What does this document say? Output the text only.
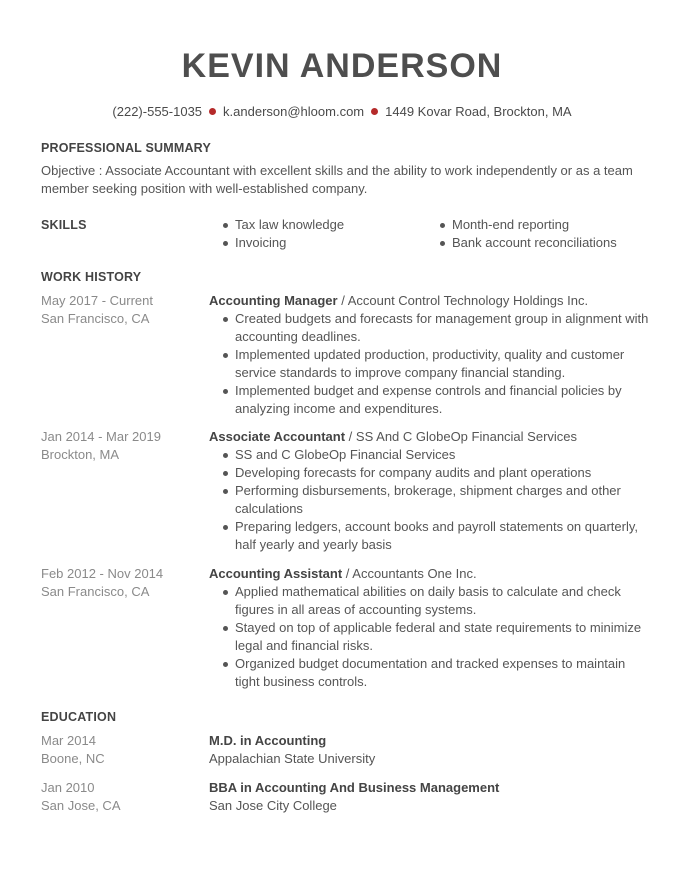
KEVIN ANDERSON
(222)-555-1035 k.anderson@hloom.com 1449 Kovar Road, Brockton, MA
PROFESSIONAL SUMMARY
Objective : Associate Accountant with excellent skills and the ability to work independently or as a team member seeking position with well-established company.
SKILLS	Tax law knowledge
Invoicing
Month-end reporting
Bank account reconciliations
WORK HISTORY
May 2017 - Current
San Francisco, CA
Accounting Manager / Account Control Technology Holdings Inc.
Created budgets and forecasts for management group in alignment with accounting deadlines.
Implemented updated production, productivity, quality and customer service standards to improve company financial standing.
Implemented budget and expense controls and financial policies by analyzing income and expenditures.
Jan 2014 - Mar 2019
Brockton, MA
Associate Accountant / SS And C GlobeOp Financial Services
SS and C GlobeOp Financial Services
Developing forecasts for company audits and plant operations
Performing disbursements, brokerage, shipment charges and other calculations
Preparing ledgers, account books and payroll statements on quarterly, half yearly and yearly basis
Feb 2012 - Nov 2014
San Francisco, CA
Accounting Assistant / Accountants One Inc.
Applied mathematical abilities on daily basis to calculate and check figures in all areas of accounting systems.
Stayed on top of applicable federal and state requirements to minimize legal and financial risks.
Organized budget documentation and tracked expenses to maintain tight business controls.
EDUCATION
Mar 2014
Boone, NC
M.D. in Accounting
Appalachian State University
Jan 2010
San Jose, CA
BBA in Accounting And Business Management
San Jose City College
